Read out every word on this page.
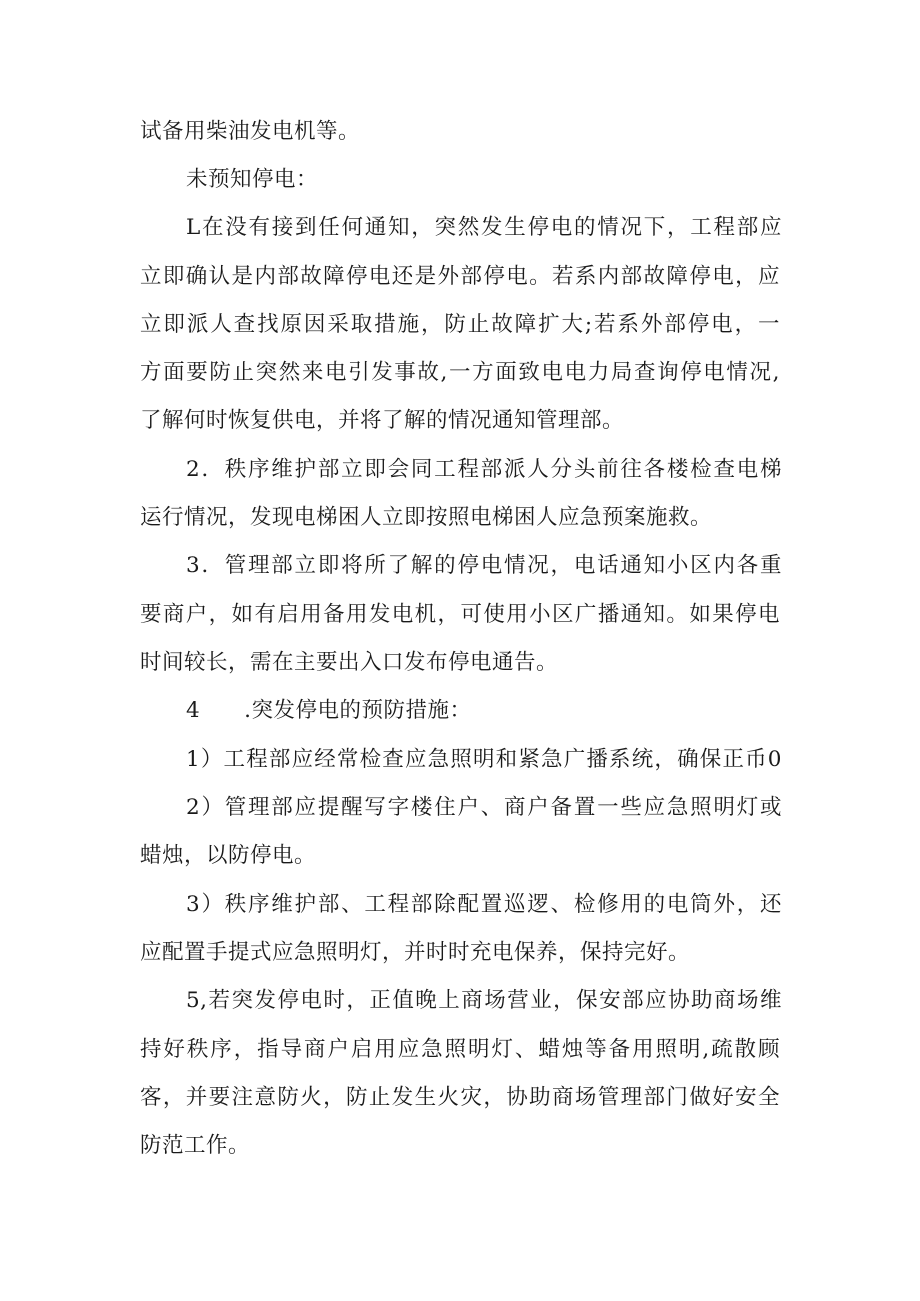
试备用柴油发电机等。
未预知停电：
L在没有接到任何通知，突然发生停电的情况下，工程部应
立即确认是内部故障停电还是外部停电。若系内部故障停电，应
立即派人查找原因采取措施，防止故障扩大;若系外部停电，一
方面要防止突然来电引发事故,一方面致电电力局查询停电情况,
了解何时恢复供电，并将了解的情况通知管理部。
2．秩序维护部立即会同工程部派人分头前往各楼检查电梯
运行情况，发现电梯困人立即按照电梯困人应急预案施救。
3．管理部立即将所了解的停电情况，电话通知小区内各重
要商户，如有启用备用发电机，可使用小区广播通知。如果停电
时间较长，需在主要出入口发布停电通告。
4　　.突发停电的预防措施：
1）工程部应经常检查应急照明和紧急广播系统，确保正币0
2）管理部应提醒写字楼住户、商户备置一些应急照明灯或
蜡烛，以防停电。
3）秩序维护部、工程部除配置巡逻、检修用的电筒外，还
应配置手提式应急照明灯，并时时充电保养，保持完好。
5,若突发停电时，正值晚上商场营业，保安部应协助商场维
持好秩序，指导商户启用应急照明灯、蜡烛等备用照明,疏散顾
客，并要注意防火，防止发生火灾，协助商场管理部门做好安全
防范工作。
